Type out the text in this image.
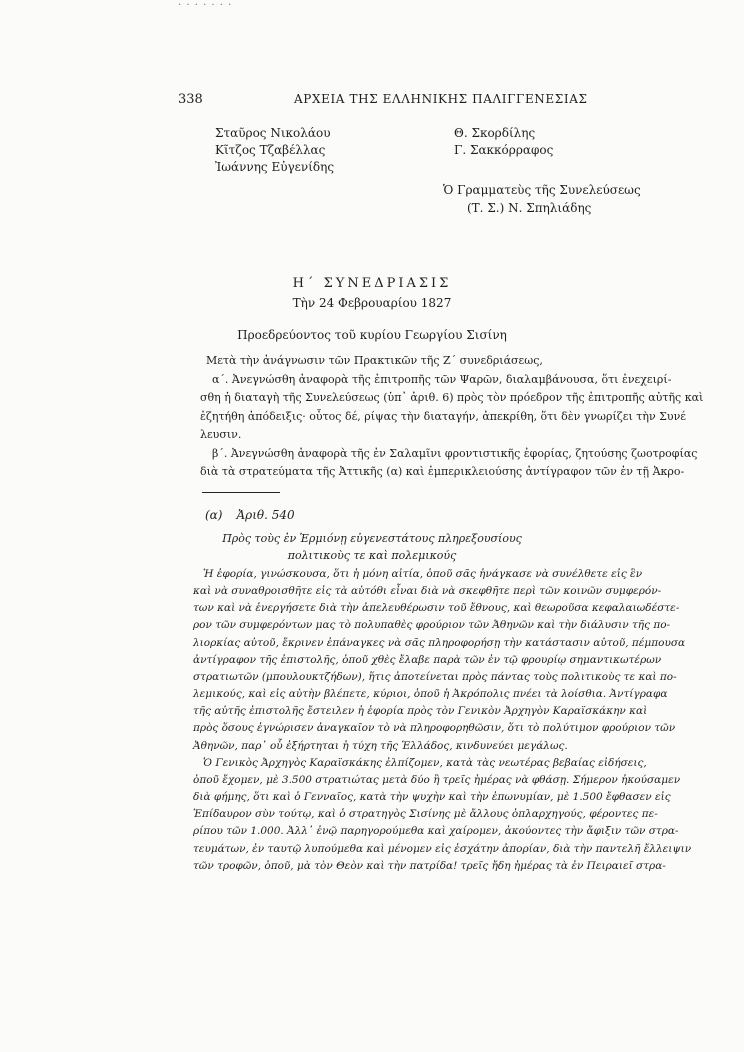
· · · · · · ·
338	ΑΡΧΕΙΑ ΤΗΣ ΕΛΛΗΝΙΚΗΣ ΠΑΛΙΓΓΕΝΕΣΙΑΣ
Σταῦρος Νικολάου
Κῖτζος Τζαβέλλας
Ἰωάννης Εὐγενίδης
Θ. Σκορδίλης
Γ. Σακκόρραφος
Ὁ Γραμματεὺς τῆς Συνελεύσεως
(Τ. Σ.) Ν. Σπηλιάδης
Η΄ ΣΥΝΕΔΡΙΑΣΙΣ
Τὴν 24 Φεβρουαρίου 1827
Προεδρεύοντος τοῦ κυρίου Γεωργίου Σισίνη
Μετὰ τὴν ἀνάγνωσιν τῶν Πρακτικῶν τῆς Ζ΄ συνεδριάσεως,
α΄. Ἀνεγνώσθη ἀναφορὰ τῆς ἐπιτροπῆς τῶν Ψαρῶν, διαλαμβάνουσα, ὅτι ἐνεχειρί-
σθη ἡ διαταγὴ τῆς Συνελεύσεως (ὑπ᾽ ἀριθ. 6) πρὸς τὸν πρόεδρον τῆς ἐπιτροπῆς αὐτῆς καὶ
ἐζητήθη ἀπόδειξις· οὗτος δέ, ρίψας τὴν διαταγήν, ἀπεκρίθη, ὅτι δὲν γνωρίζει τὴν Συνέ
λευσιν.
β΄. Ἀνεγνώσθη ἀναφορὰ τῆς ἐν Σαλαμῖνι φροντιστικῆς ἐφορίας, ζητούσης ζωοτροφίας
διὰ τὰ στρατεύματα τῆς Ἀττικῆς (α) καὶ ἐμπερικλειούσης ἀντίγραφον τῶν ἐν τῇ Ἀκρο-
(α) Ἀριθ. 540
Πρὸς τοὺς ἐν Ἑρμιόνῃ εὐγενεστάτους πληρεξουσίους
πολιτικοὺς τε καὶ πολεμικούς
Ἡ ἐφορία, γινώσκουσα, ὅτι ἡ μόνη αἰτία, ὁποῦ σᾶς ἠνάγκασε νὰ συνέλθετε εἰς ἓν
καὶ νὰ συναθροισθῆτε εἰς τὰ αὐτόθι εἶναι διὰ νὰ σκεφθῆτε περὶ τῶν κοινῶν συμφερόν-
των καὶ νὰ ἐνεργήσετε διὰ τὴν ἀπελευθέρωσιν τοῦ ἔθνους, καὶ θεωροῦσα κεφαλαιωδέστε-
ρον τῶν συμφερόντων μας τὸ πολυπαθὲς φρούριον τῶν Ἀθηνῶν καὶ τὴν διάλυσιν τῆς πο-
λιορκίας αὐτοῦ, ἔκρινεν ἐπάναγκες νὰ σᾶς πληροφορήσῃ τὴν κατάστασιν αὐτοῦ, πέμπουσα
ἀντίγραφον τῆς ἐπιστολῆς, ὁποῦ χθὲς ἔλαβε παρὰ τῶν ἐν τῷ φρουρίῳ σημαντικωτέρων
στρατιωτῶν (μπουλουκτζήδων), ἥτις ἀποτείνεται πρὸς πάντας τοὺς πολιτικοὺς τε καὶ πο-
λεμικούς, καὶ εἰς αὐτὴν βλέπετε, κύριοι, ὁποῦ ἡ Ἀκρόπολις πνέει τὰ λοίσθια. Ἀντίγραφα
τῆς αὐτῆς ἐπιστολῆς ἔστειλεν ἡ ἐφορία πρὸς τὸν Γενικὸν Ἀρχηγὸν Καραϊσκάκην καὶ
πρὸς ὅσους ἐγνώρισεν ἀναγκαῖον τὸ νὰ πληροφορηθῶσιν, ὅτι τὸ πολύτιμον φρούριον τῶν
Ἀθηνῶν, παρ᾽ οὗ ἐξήρτηται ἡ τύχη τῆς Ἑλλάδος, κινδυνεύει μεγάλως.
Ὁ Γενικὸς Ἀρχηγὸς Καραϊσκάκης ἐλπίζομεν, κατὰ τὰς νεωτέρας βεβαίας εἰδήσεις,
ὁποῦ ἔχομεν, μὲ 3.500 στρατιώτας μετὰ δύο ἢ τρεῖς ἡμέρας νὰ φθάσῃ. Σήμερον ἠκούσαμεν
διὰ φήμης, ὅτι καὶ ὁ Γενναῖος, κατὰ τὴν ψυχὴν καὶ τὴν ἐπωνυμίαν, μὲ 1.500 ἔφθασεν εἰς
Ἐπίδαυρον σὺν τούτῳ, καὶ ὁ στρατηγὸς Σισίνης μὲ ἄλλους ὁπλαρχηγούς, φέροντες πε-
ρίπου τῶν 1.000. Ἀλλ᾽ ἐνῷ παρηγορούμεθα καὶ χαίρομεν, ἀκούοντες τὴν ἄφιξιν τῶν στρα-
τευμάτων, ἐν ταυτῷ λυπούμεθα καὶ μένομεν εἰς ἐσχάτην ἀπορίαν, διὰ τὴν παντελῆ ἔλλειψιν
τῶν τροφῶν, ὁποῦ, μὰ τὸν Θεὸν καὶ τὴν πατρίδα! τρεῖς ἤδη ἡμέρας τὰ ἐν Πειραιεῖ στρα-
